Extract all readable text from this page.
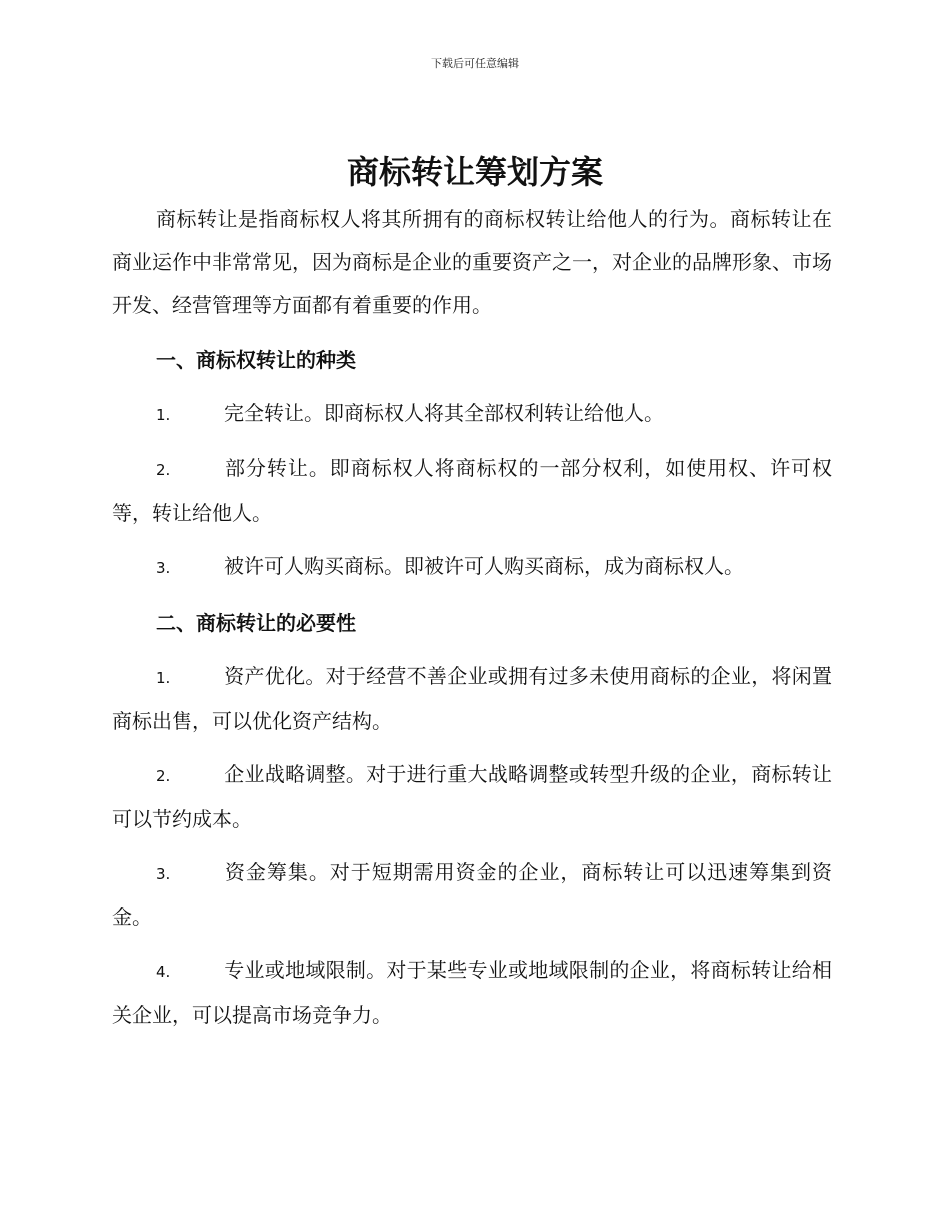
下载后可任意编辑
商标转让筹划方案

商标转让是指商标权人将其所拥有的商标权转让给他人的行为。商标转让在商业运作中非常常见，因为商标是企业的重要资产之一，对企业的品牌形象、市场开发、经营管理等方面都有着重要的作用。

一、商标权转让的种类

1.	完全转让。即商标权人将其全部权利转让给他人。

2.	部分转让。即商标权人将商标权的一部分权利，如使用权、许可权等，转让给他人。

3.	被许可人购买商标。即被许可人购买商标，成为商标权人。

二、商标转让的必要性

1.	资产优化。对于经营不善企业或拥有过多未使用商标的企业，将闲置商标出售，可以优化资产结构。

2.	企业战略调整。对于进行重大战略调整或转型升级的企业，商标转让可以节约成本。

3.	资金筹集。对于短期需用资金的企业，商标转让可以迅速筹集到资金。

4.	专业或地域限制。对于某些专业或地域限制的企业，将商标转让给相关企业，可以提高市场竞争力。
